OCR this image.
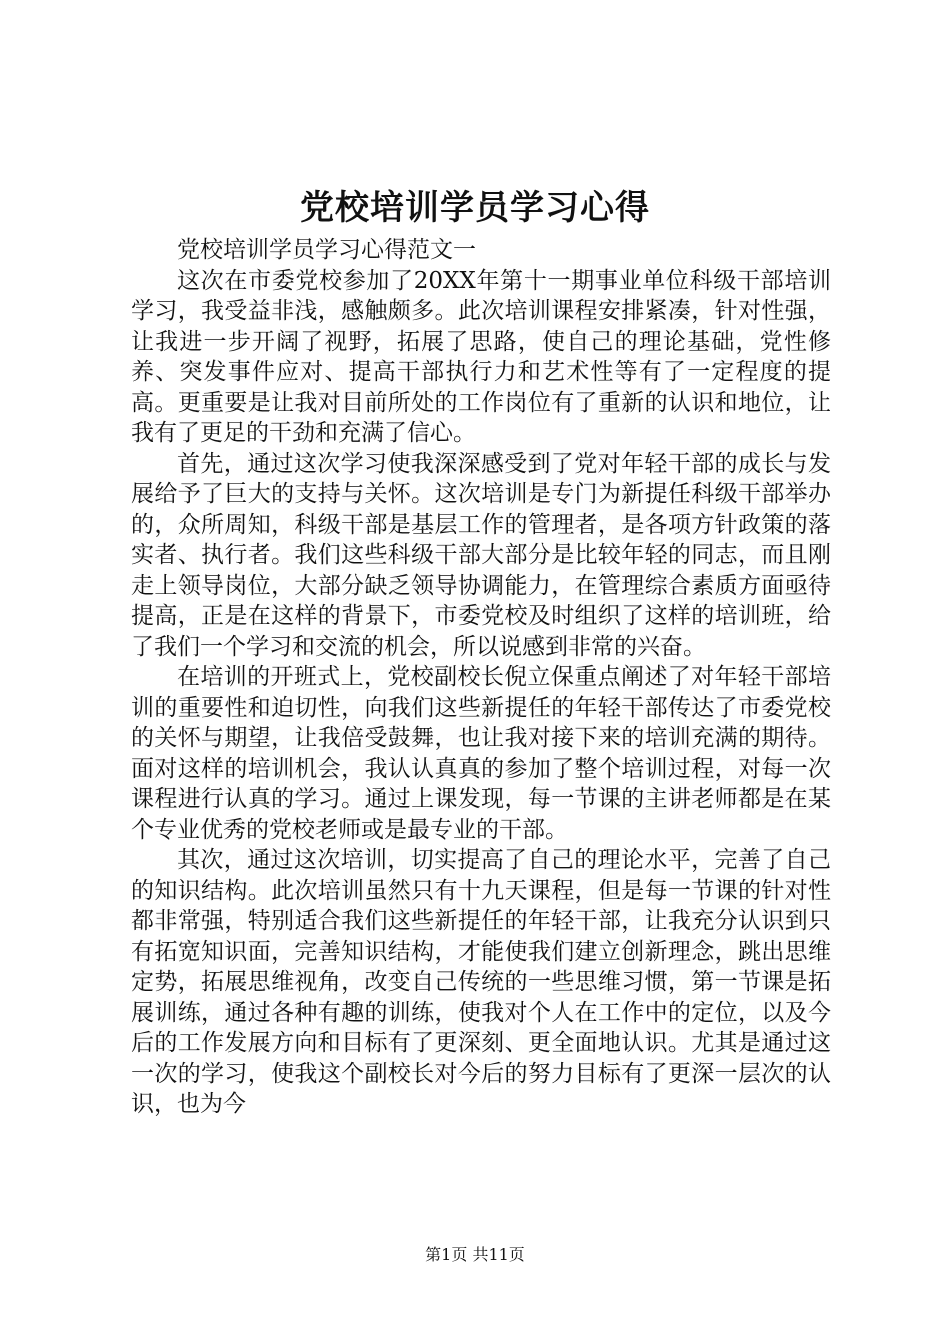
党校培训学员学习心得

党校培训学员学习心得范文一

这次在市委党校参加了20XX年第十一期事业单位科级干部培训学习，我受益非浅，感触颇多。此次培训课程安排紧凑，针对性强，让我进一步开阔了视野，拓展了思路，使自己的理论基础，党性修养、突发事件应对、提高干部执行力和艺术性等有了一定程度的提高。更重要是让我对目前所处的工作岗位有了重新的认识和地位，让我有了更足的干劲和充满了信心。

首先，通过这次学习使我深深感受到了党对年轻干部的成长与发展给予了巨大的支持与关怀。这次培训是专门为新提任科级干部举办的，众所周知，科级干部是基层工作的管理者，是各项方针政策的落实者、执行者。我们这些科级干部大部分是比较年轻的同志，而且刚走上领导岗位，大部分缺乏领导协调能力，在管理综合素质方面亟待提高，正是在这样的背景下，市委党校及时组织了这样的培训班，给了我们一个学习和交流的机会，所以说感到非常的兴奋。

在培训的开班式上，党校副校长倪立保重点阐述了对年轻干部培训的重要性和迫切性，向我们这些新提任的年轻干部传达了市委党校的关怀与期望，让我倍受鼓舞，也让我对接下来的培训充满的期待。面对这样的培训机会，我认认真真的参加了整个培训过程，对每一次课程进行认真的学习。通过上课发现，每一节课的主讲老师都是在某个专业优秀的党校老师或是最专业的干部。

其次，通过这次培训，切实提高了自己的理论水平，完善了自己的知识结构。此次培训虽然只有十九天课程，但是每一节课的针对性都非常强，特别适合我们这些新提任的年轻干部，让我充分认识到只有拓宽知识面，完善知识结构，才能使我们建立创新理念，跳出思维定势，拓展思维视角，改变自己传统的一些思维习惯，第一节课是拓展训练，通过各种有趣的训练，使我对个人在工作中的定位，以及今后的工作发展方向和目标有了更深刻、更全面地认识。尤其是通过这一次的学习，使我这个副校长对今后的努力目标有了更深一层次的认识，也为今

第1页 共11页
